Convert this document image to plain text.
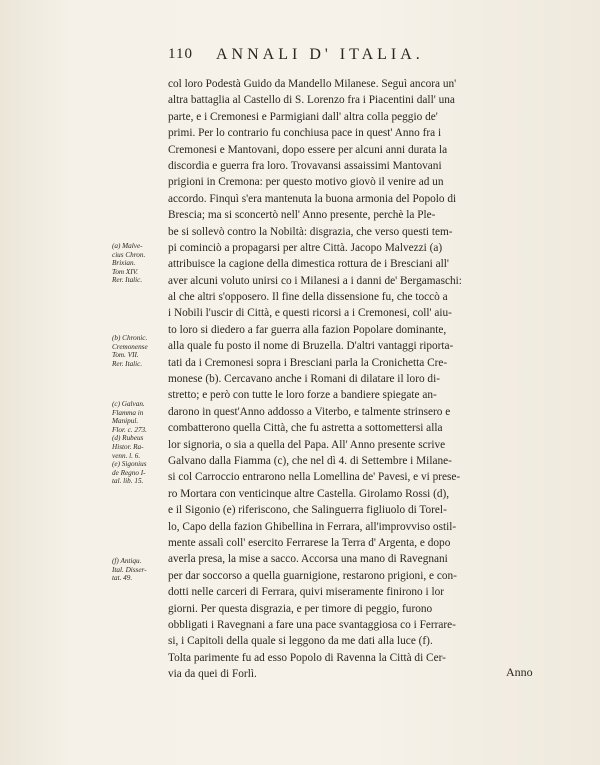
110 ANNALI D' ITALIA.
(a) Malve-
cius Chron.
Brixian.
Tom XIV.
Rer. Italic.
(b) Chronic.
Cremonense
Tom. VII.
Rer. Italic.
(c) Galvan.
Flamma in
Manipul.
Flor. c. 273.
(d) Rubeus
Histor. Ra-
venn. l. 6.
(e) Sigonius
de Regno I-
tal. lib. 15.
(f) Antiqu.
Ital. Disser-
tat. 49.
col loro Podestà Guido da Mandello Milanese. Seguì ancora un'
altra battaglia al Castello di S. Lorenzo fra i Piacentini dall' una
parte, e i Cremonesi e Parmigiani dall' altra colla peggio de'
primi. Per lo contrario fu conchiusa pace in quest' Anno fra i
Cremonesi e Mantovani, dopo essere per alcuni anni durata la
discordia e guerra fra loro. Trovavansi assaissimi Mantovani
prigioni in Cremona: per questo motivo giovò il venire ad un
accordo. Finquì s'era mantenuta la buona armonia del Popolo di
Brescia; ma si sconcertò nell' Anno presente, perchè la Ple-
be si sollevò contro la Nobiltà: disgrazia, che verso questi tem-
pi cominciò a propagarsi per altre Città. Jacopo Malvezzi (a)
attribuisce la cagione della dimestica rottura de i Bresciani all'
aver alcuni voluto unirsi co i Milanesi a i danni de' Bergamaschi:
al che altri s'opposero. Il fine della dissensione fu, che toccò a
i Nobili l'uscir di Città, e questi ricorsi a i Cremonesi, coll' aiu-
to loro si diedero a far guerra alla fazion Popolare dominante,
alla quale fu posto il nome di Bruzella. D'altri vantaggi riporta-
tati da i Cremonesi sopra i Bresciani parla la Cronichetta Cre-
monese (b). Cercavano anche i Romani di dilatare il loro di-
stretto; e però con tutte le loro forze a bandiere spiegate an-
darono in quest'Anno addosso a Viterbo, e talmente strinsero e
combatterono quella Città, che fu astretta a sottomettersi alla
lor signoria, o sia a quella del Papa. All' Anno presente scrive
Galvano dalla Fiamma (c), che nel dì 4. di Settembre i Milane-
si col Carroccio entrarono nella Lomellina de' Pavesi, e vi prese-
ro Mortara con venticinque altre Castella. Girolamo Rossi (d),
e il Sigonio (e) riferiscono, che Salinguerra figliuolo di Torel-
lo, Capo della fazion Ghibellina in Ferrara, all'improvviso ostil-
mente assalì coll' esercito Ferrarese la Terra d' Argenta, e dopo
averla presa, la mise a sacco. Accorsa una mano di Ravegnani
per dar soccorso a quella guarnigione, restarono prigioni, e con-
dotti nelle carceri di Ferrara, quivi miseramente finirono i lor
giorni. Per questa disgrazia, e per timore di peggio, furono
obbligati i Ravegnani a fare una pace svantaggiosa co i Ferrare-
si, i Capitoli della quale si leggono da me dati alla luce (f).
Tolta parimente fu ad esso Popolo di Ravenna la Città di Cer-
via da quei di Forlì.	Anno
